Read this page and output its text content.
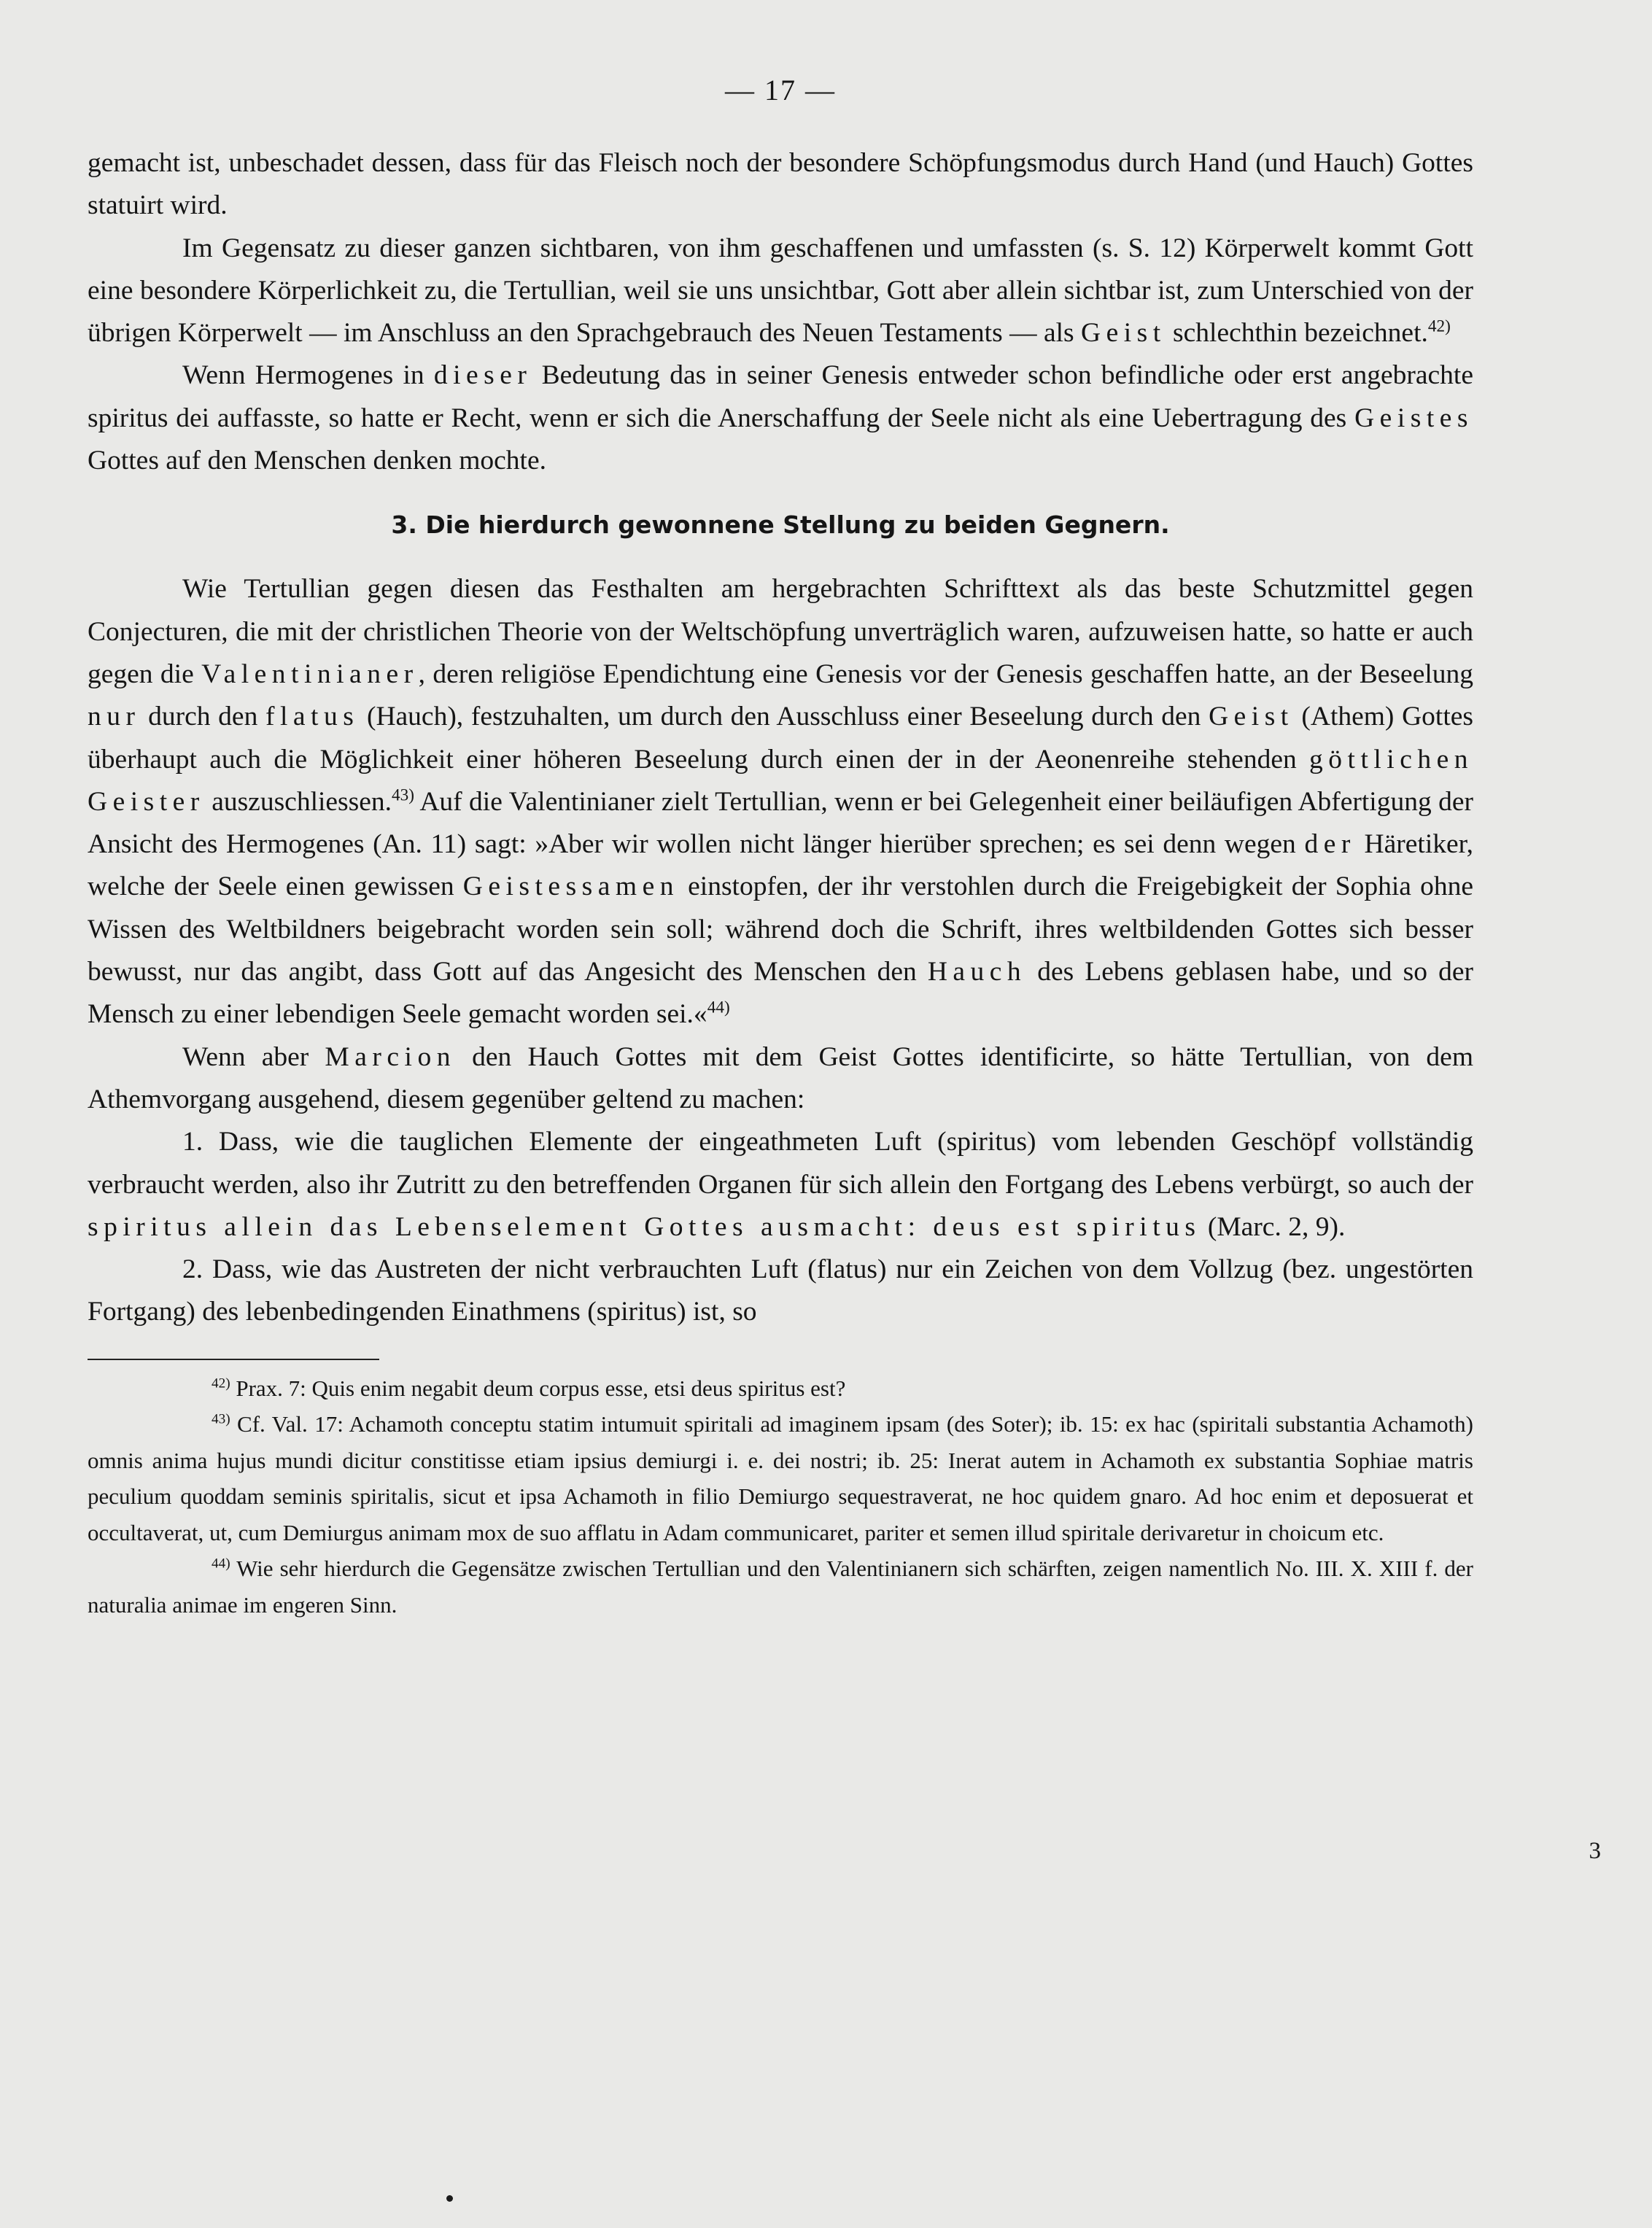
— 17 —

gemacht ist, unbeschadet dessen, dass für das Fleisch noch der besondere Schöpfungsmodus durch Hand (und Hauch) Gottes statuirt wird.

Im Gegensatz zu dieser ganzen sichtbaren, von ihm geschaffenen und umfassten (s. S. 12) Körperwelt kommt Gott eine besondere Körperlichkeit zu, die Tertullian, weil sie uns unsichtbar, Gott aber allein sichtbar ist, zum Unterschied von der übrigen Körperwelt — im Anschluss an den Sprachgebrauch des Neuen Testaments — als Geist schlechthin bezeichnet.$^{42)}$

Wenn Hermogenes in dieser Bedeutung das in seiner Genesis entweder schon befindliche oder erst angebrachte spiritus dei auffasste, so hatte er Recht, wenn er sich die Anerschaffung der Seele nicht als eine Uebertragung des Geistes Gottes auf den Menschen denken mochte.

3. Die hierdurch gewonnene Stellung zu beiden Gegnern.

Wie Tertullian gegen diesen das Festhalten am hergebrachten Schrifttext als das beste Schutzmittel gegen Conjecturen, die mit der christlichen Theorie von der Weltschöpfung unverträglich waren, aufzuweisen hatte, so hatte er auch gegen die Valentinianer, deren religiöse Ependichtung eine Genesis vor der Genesis geschaffen hatte, an der Beseelung nur durch den flatus (Hauch), festzuhalten, um durch den Ausschluss einer Beseelung durch den Geist (Athem) Gottes überhaupt auch die Möglichkeit einer höheren Beseelung durch einen der in der Aeonenreihe stehenden göttlichen Geister auszuschliessen.$^{43)}$ Auf die Valentinianer zielt Tertullian, wenn er bei Gelegenheit einer beiläufigen Abfertigung der Ansicht des Hermogenes (An. 11) sagt: »Aber wir wollen nicht länger hierüber sprechen; es sei denn wegen der Häretiker, welche der Seele einen gewissen Geistessamen einstopfen, der ihr verstohlen durch die Freigebigkeit der Sophia ohne Wissen des Weltbildners beigebracht worden sein soll; während doch die Schrift, ihres weltbildenden Gottes sich besser bewusst, nur das angibt, dass Gott auf das Angesicht des Menschen den Hauch des Lebens geblasen habe, und so der Mensch zu einer lebendigen Seele gemacht worden sei.«$^{44)}$

Wenn aber Marcion den Hauch Gottes mit dem Geist Gottes identificirte, so hätte Tertullian, von dem Athemvorgang ausgehend, diesem gegenüber geltend zu machen:

1. Dass, wie die tauglichen Elemente der eingeathmeten Luft (spiritus) vom lebenden Geschöpf vollständig verbraucht werden, also ihr Zutritt zu den betreffenden Organen für sich allein den Fortgang des Lebens verbürgt, so auch der spiritus allein das Lebenselement Gottes ausmacht: deus est spiritus (Marc. 2, 9).

2. Dass, wie das Austreten der nicht verbrauchten Luft (flatus) nur ein Zeichen von dem Vollzug (bez. ungestörten Fortgang) des lebenbedingenden Einathmens (spiritus) ist, so

$^{42)}$ Prax. 7: Quis enim negabit deum corpus esse, etsi deus spiritus est?

$^{43)}$ Cf. Val. 17: Achamoth conceptu statim intumuit spiritali ad imaginem ipsam (des Soter); ib. 15: ex hac (spiritali substantia Achamoth) omnis anima hujus mundi dicitur constitisse etiam ipsius demiurgi i. e. dei nostri; ib. 25: Inerat autem in Achamoth ex substantia Sophiae matris peculium quoddam seminis spiritalis, sicut et ipsa Achamoth in filio Demiurgo sequestraverat, ne hoc quidem gnaro. Ad hoc enim et deposuerat et occultaverat, ut, cum Demiurgus animam mox de suo afflatu in Adam communicaret, pariter et semen illud spiritale derivaretur in choicum etc.

$^{44)}$ Wie sehr hierdurch die Gegensätze zwischen Tertullian und den Valentinianern sich schärften, zeigen namentlich No. III. X. XIII f. der naturalia animae im engeren Sinn.

3
